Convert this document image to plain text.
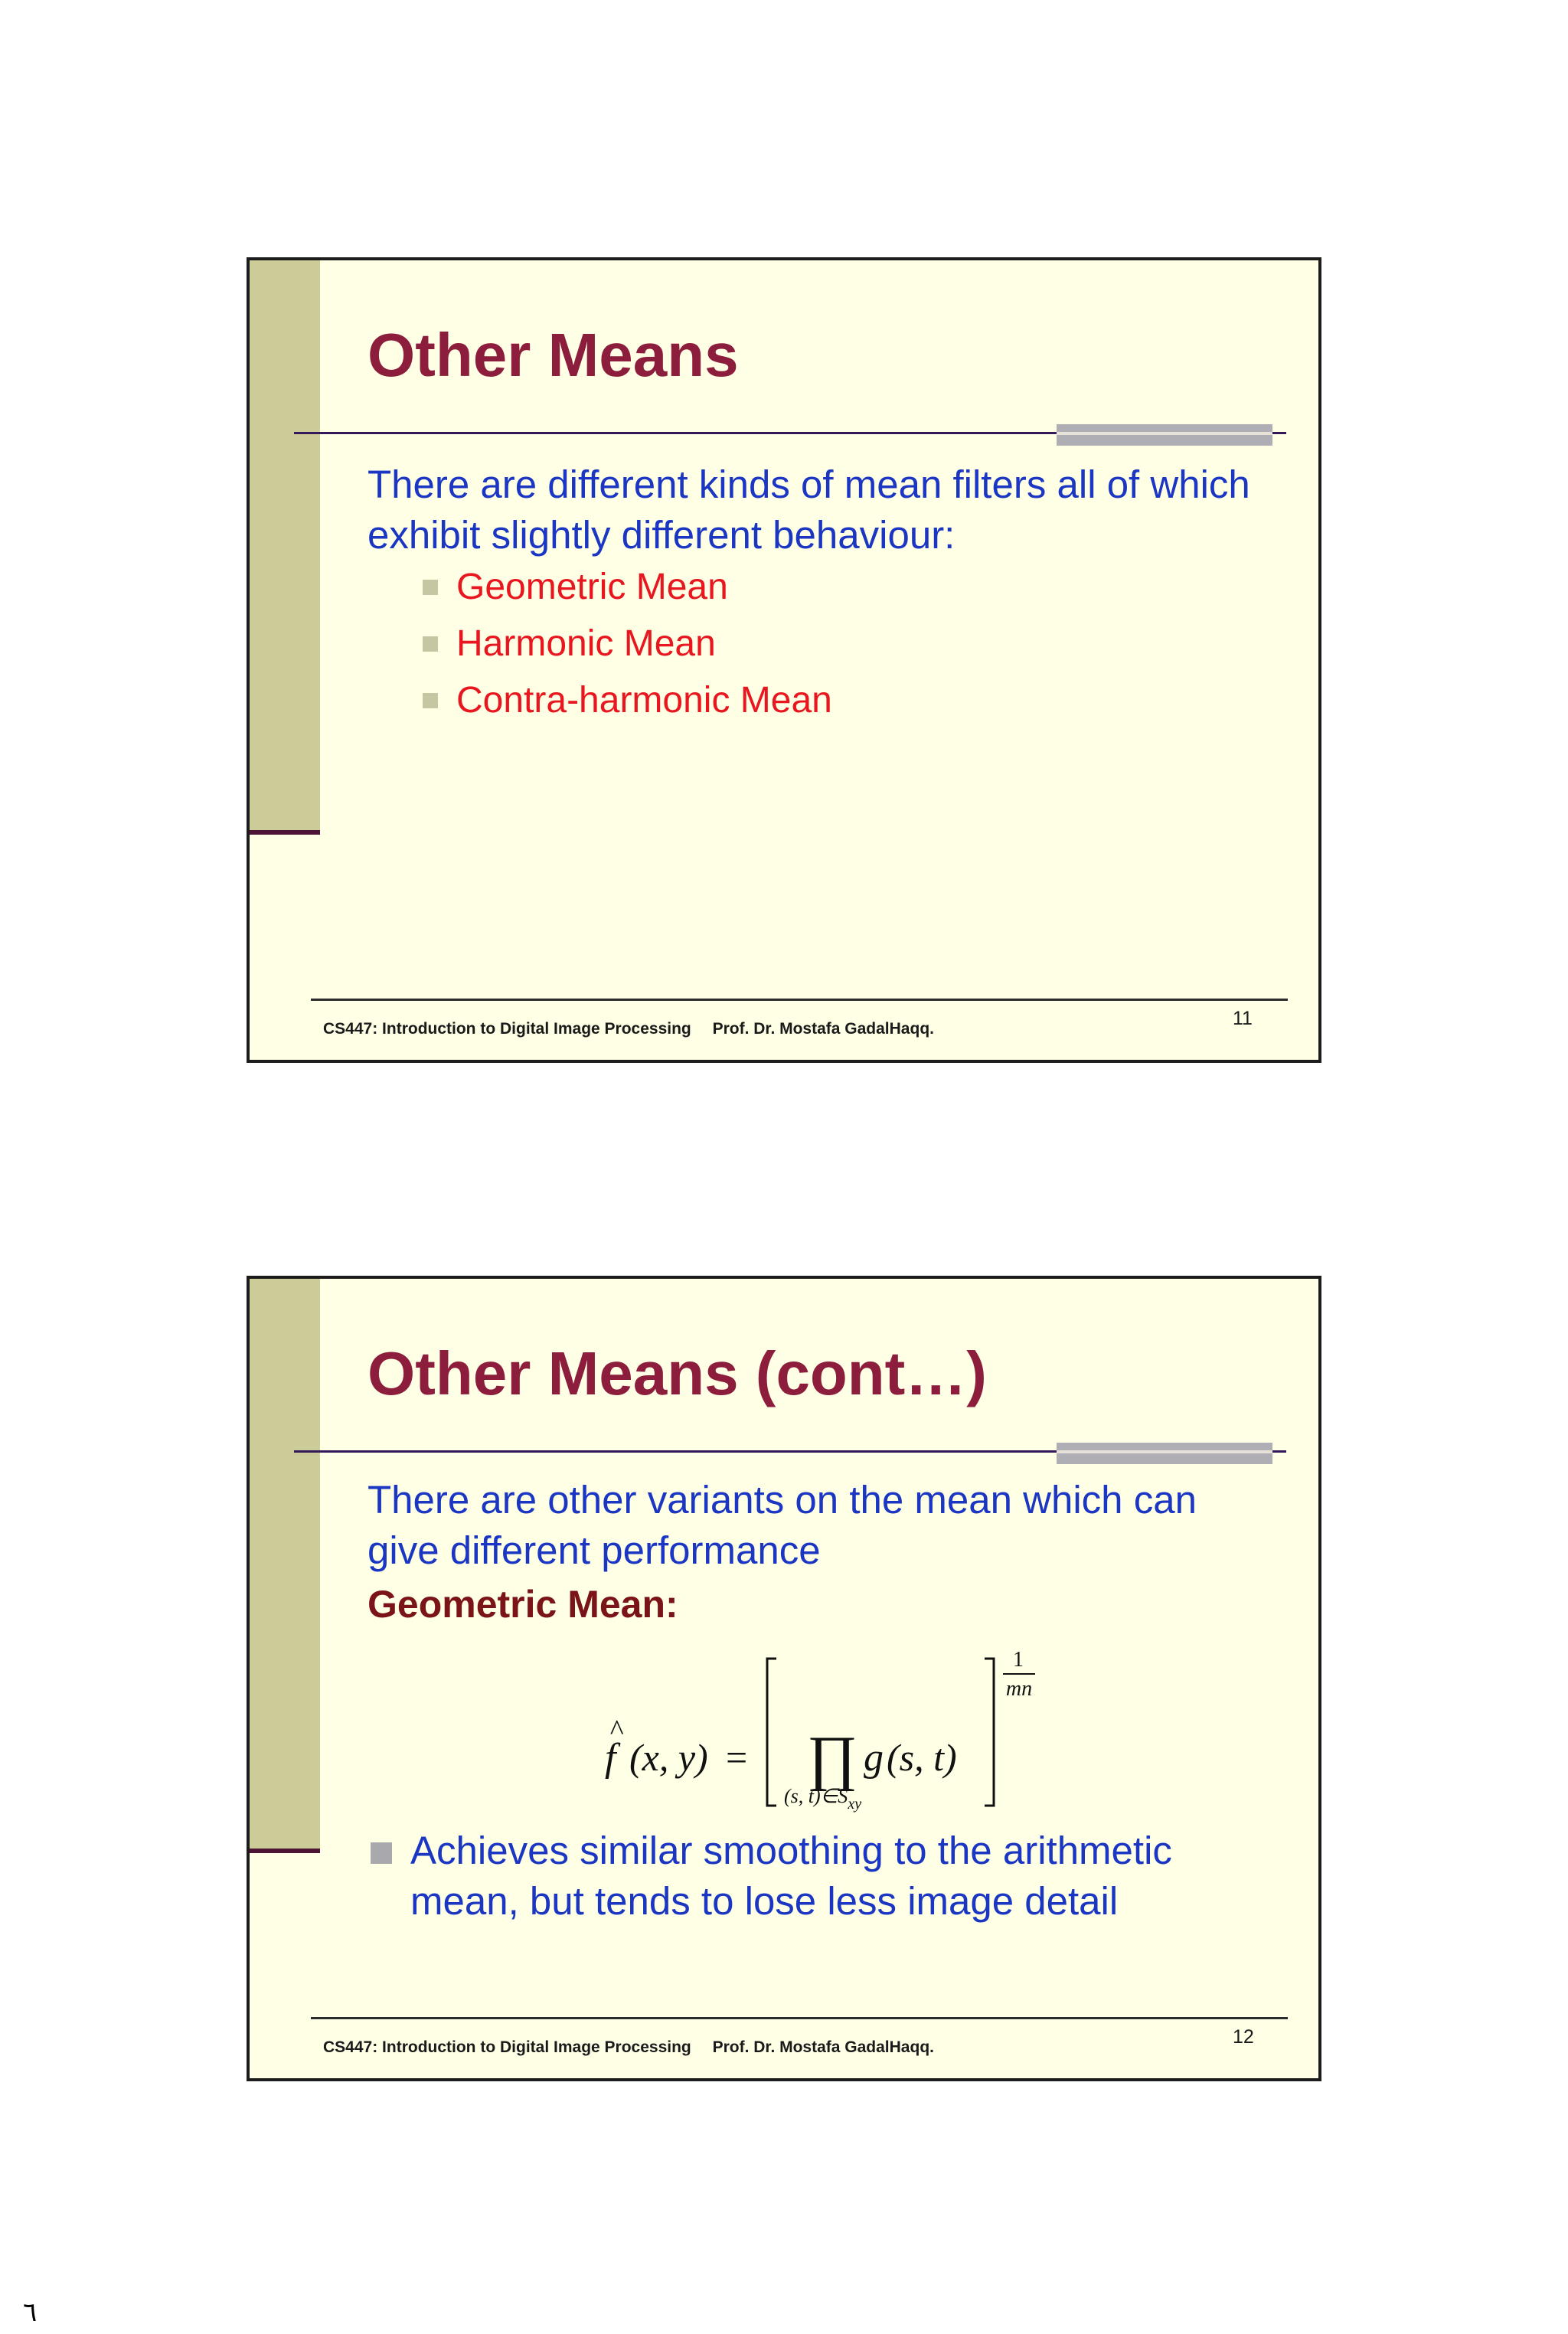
Other Means

There are different kinds of mean filters all of which exhibit slightly different behaviour:

Geometric Mean
Harmonic Mean
Contra-harmonic Mean
CS447: Introduction to Digital Image Processing Prof. Dr. Mostafa GadalHaqq.	11
Other Means (cont…)

There are other variants on the mean which can give different performance

Geometric Mean:

^
f (x, y) = ∏ g (s, t)
(s, $t)\in S_{xy}$
1
mn

Achieves similar smoothing to the arithmetic mean, but tends to lose less image detail

CS447: Introduction to Digital Image Processing Prof. Dr. Mostafa GadalHaqq.	12
٦
